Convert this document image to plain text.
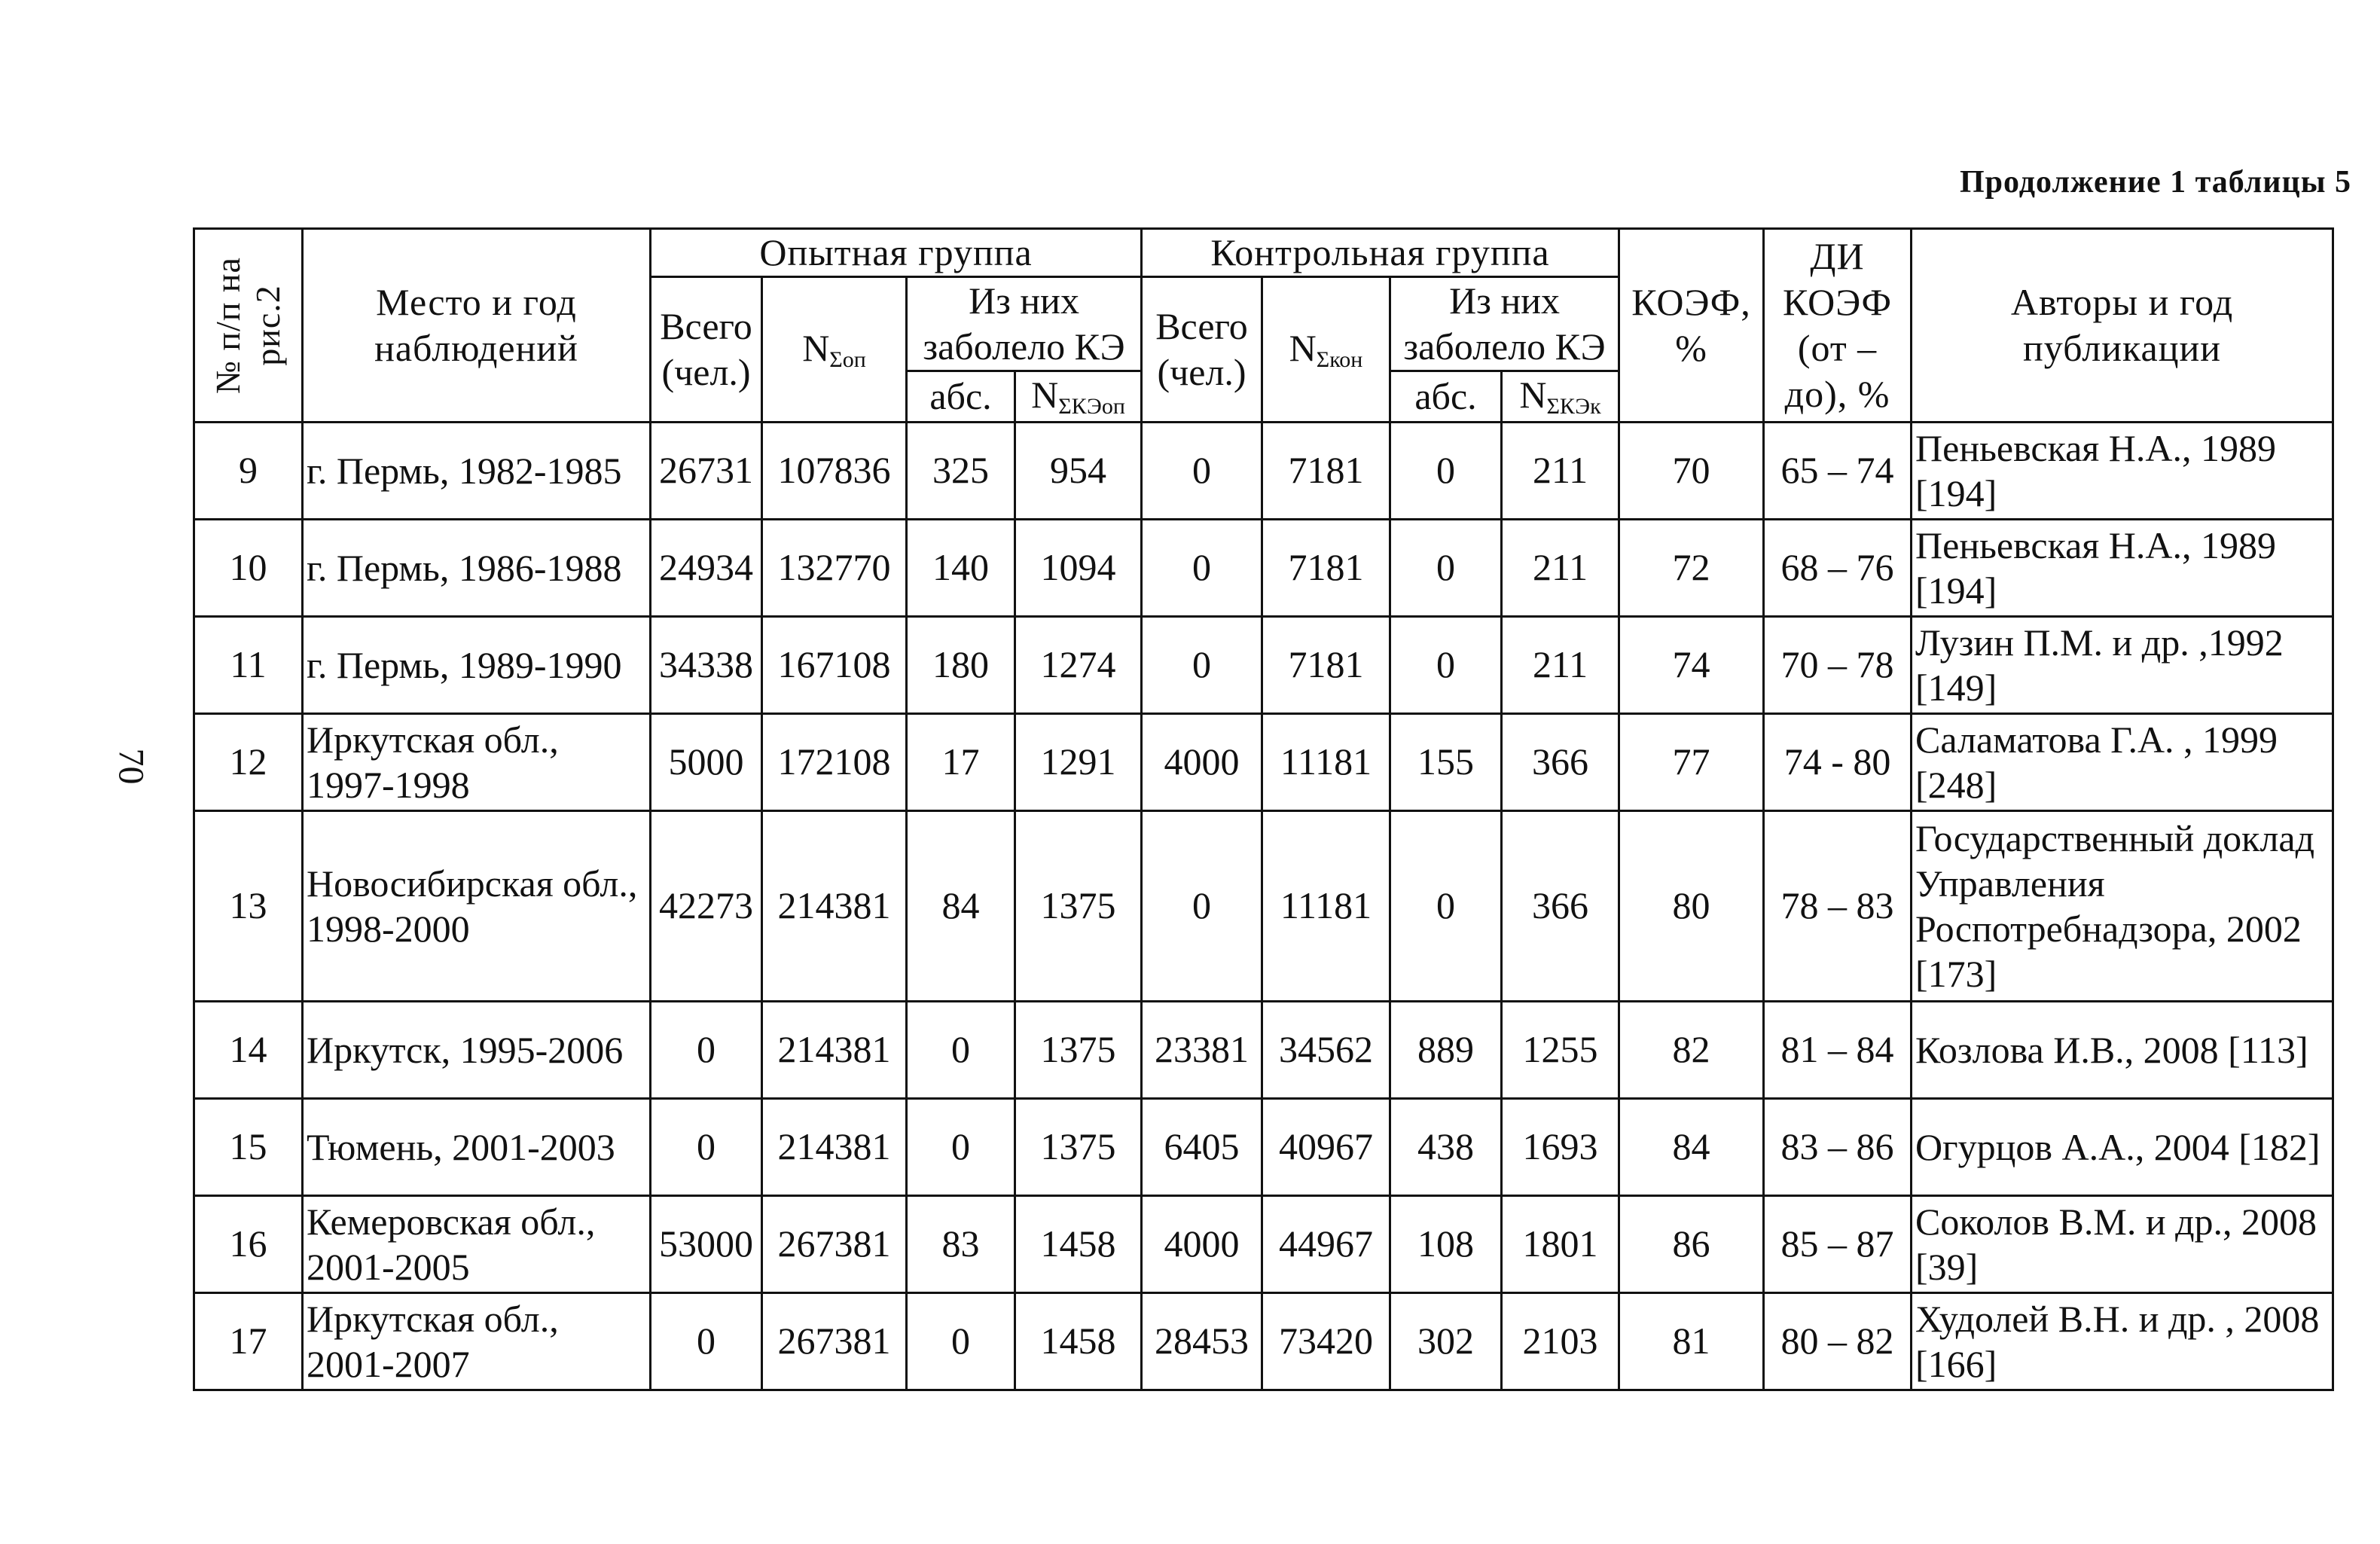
Продолжение 1 таблицы 5
70
№ п/п на рис.2	Место и год наблюдений	Опытная группа				Контрольная группа				КОЭФ, %	ДИ КОЭФ (от – до), %	Авторы и год публикации
		Всего (чел.)	$N_{\Sigma оп}$	Из них заболело КЭ		Всего (чел.)	$N_{\Sigma кон}$	Из них заболело КЭ				
				абс.	$N_{\Sigma КЭоп}$			абс.	$N_{\Sigma КЭк}$
9	г. Пермь, 1982-1985	26731	107836	325	954	0	7181	0	211	70	65 – 74	Пеньевская Н.А., 1989 [194]
10	г. Пермь, 1986-1988	24934	132770	140	1094	0	7181	0	211	72	68 – 76	Пеньевская Н.А., 1989 [194]
11	г. Пермь, 1989-1990	34338	167108	180	1274	0	7181	0	211	74	70 – 78	Лузин П.М. и др. ,1992 [149]
12	Иркутская обл., 1997-1998	5000	172108	17	1291	4000	11181	155	366	77	74 - 80	Саламатова Г.А. , 1999 [248]
13	Новосибирская обл., 1998-2000	42273	214381	84	1375	0	11181	0	366	80	78 – 83	Государственный доклад Управления Роспотребнадзора, 2002 [173]
14	Иркутск, 1995-2006	0	214381	0	1375	23381	34562	889	1255	82	81 – 84	Козлова И.В., 2008 [113]
15	Тюмень, 2001-2003	0	214381	0	1375	6405	40967	438	1693	84	83 – 86	Огурцов А.А., 2004 [182]
16	Кемеровская обл., 2001-2005	53000	267381	83	1458	4000	44967	108	1801	86	85 – 87	Соколов В.М. и др., 2008 [39]
17	Иркутская обл., 2001-2007	0	267381	0	1458	28453	73420	302	2103	81	80 – 82	Худолей В.Н. и др. , 2008 [166]
